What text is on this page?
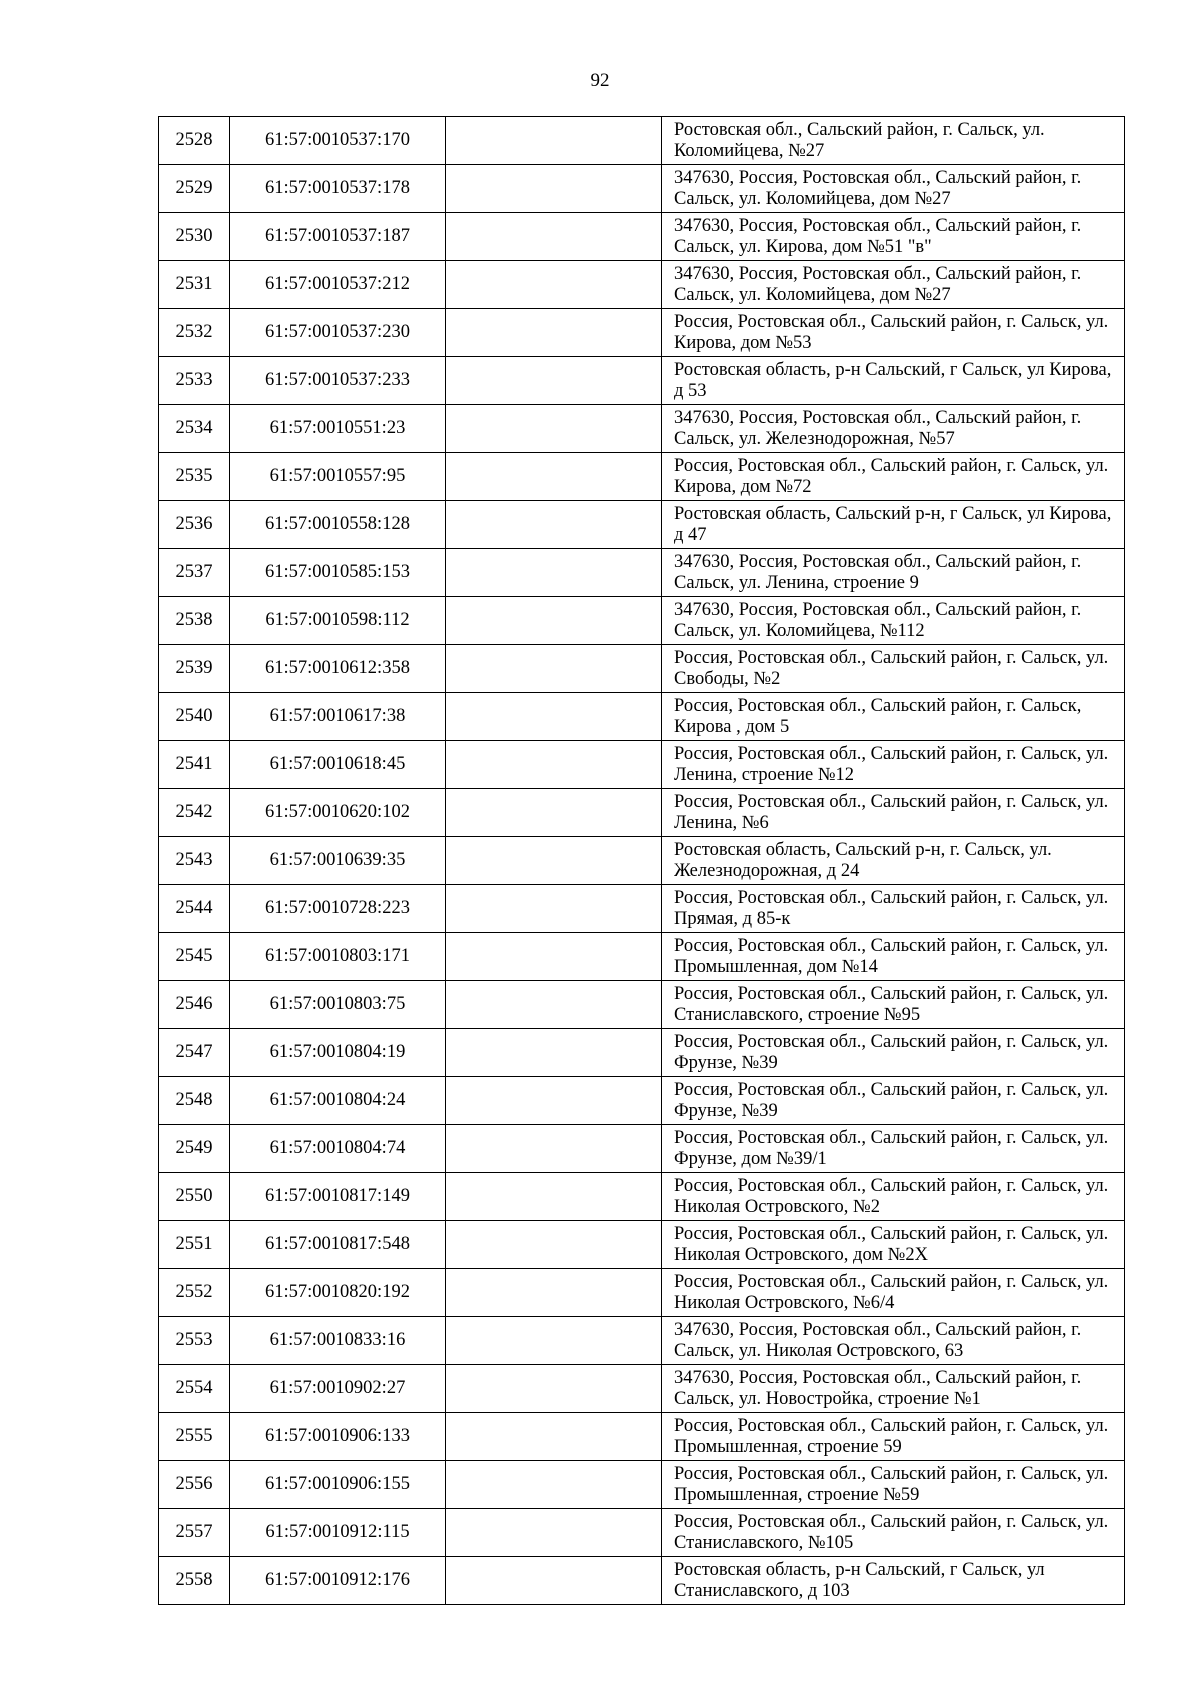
92
2528	61:57:0010537:170		Ростовская обл., Сальский район, г. Сальск, ул. Коломийцева, №27
2529	61:57:0010537:178		347630, Россия, Ростовская обл., Сальский район, г. Сальск, ул. Коломийцева, дом №27
2530	61:57:0010537:187		347630, Россия, Ростовская обл., Сальский район, г. Сальск, ул. Кирова, дом №51 "в"
2531	61:57:0010537:212		347630, Россия, Ростовская обл., Сальский район, г. Сальск, ул. Коломийцева, дом №27
2532	61:57:0010537:230		Россия, Ростовская обл., Сальский район, г. Сальск, ул. Кирова, дом №53
2533	61:57:0010537:233		Ростовская область, р-н Сальский, г Сальск, ул Кирова, д 53
2534	61:57:0010551:23		347630, Россия, Ростовская обл., Сальский район, г. Сальск, ул. Железнодорожная, №57
2535	61:57:0010557:95		Россия, Ростовская обл., Сальский район, г. Сальск, ул. Кирова, дом №72
2536	61:57:0010558:128		Ростовская область, Сальский р-н, г Сальск, ул Кирова, д 47
2537	61:57:0010585:153		347630, Россия, Ростовская обл., Сальский район, г. Сальск, ул. Ленина, строение 9
2538	61:57:0010598:112		347630, Россия, Ростовская обл., Сальский район, г. Сальск, ул. Коломийцева, №112
2539	61:57:0010612:358		Россия, Ростовская обл., Сальский район, г. Сальск, ул. Свободы, №2
2540	61:57:0010617:38		Россия, Ростовская обл., Сальский район, г. Сальск, Кирова , дом 5
2541	61:57:0010618:45		Россия, Ростовская обл., Сальский район, г. Сальск, ул. Ленина, строение №12
2542	61:57:0010620:102		Россия, Ростовская обл., Сальский район, г. Сальск, ул. Ленина, №6
2543	61:57:0010639:35		Ростовская область, Сальский р-н, г. Сальск, ул. Железнодорожная, д 24
2544	61:57:0010728:223		Россия, Ростовская обл., Сальский район, г. Сальск, ул. Прямая, д 85-к
2545	61:57:0010803:171		Россия, Ростовская обл., Сальский район, г. Сальск, ул. Промышленная, дом №14
2546	61:57:0010803:75		Россия, Ростовская обл., Сальский район, г. Сальск, ул. Станиславского, строение №95
2547	61:57:0010804:19		Россия, Ростовская обл., Сальский район, г. Сальск, ул. Фрунзе, №39
2548	61:57:0010804:24		Россия, Ростовская обл., Сальский район, г. Сальск, ул. Фрунзе, №39
2549	61:57:0010804:74		Россия, Ростовская обл., Сальский район, г. Сальск, ул. Фрунзе, дом №39/1
2550	61:57:0010817:149		Россия, Ростовская обл., Сальский район, г. Сальск, ул. Николая Островского, №2
2551	61:57:0010817:548		Россия, Ростовская обл., Сальский район, г. Сальск, ул. Николая Островского, дом №2Х
2552	61:57:0010820:192		Россия, Ростовская обл., Сальский район, г. Сальск, ул. Николая Островского, №6/4
2553	61:57:0010833:16		347630, Россия, Ростовская обл., Сальский район, г. Сальск, ул. Николая Островского, 63
2554	61:57:0010902:27		347630, Россия, Ростовская обл., Сальский район, г. Сальск, ул. Новостройка, строение №1
2555	61:57:0010906:133		Россия, Ростовская обл., Сальский район, г. Сальск, ул. Промышленная, строение 59
2556	61:57:0010906:155		Россия, Ростовская обл., Сальский район, г. Сальск, ул. Промышленная, строение №59
2557	61:57:0010912:115		Россия, Ростовская обл., Сальский район, г. Сальск, ул. Станиславского, №105
2558	61:57:0010912:176		Ростовская область, р-н Сальский, г Сальск, ул Станиславского, д 103
